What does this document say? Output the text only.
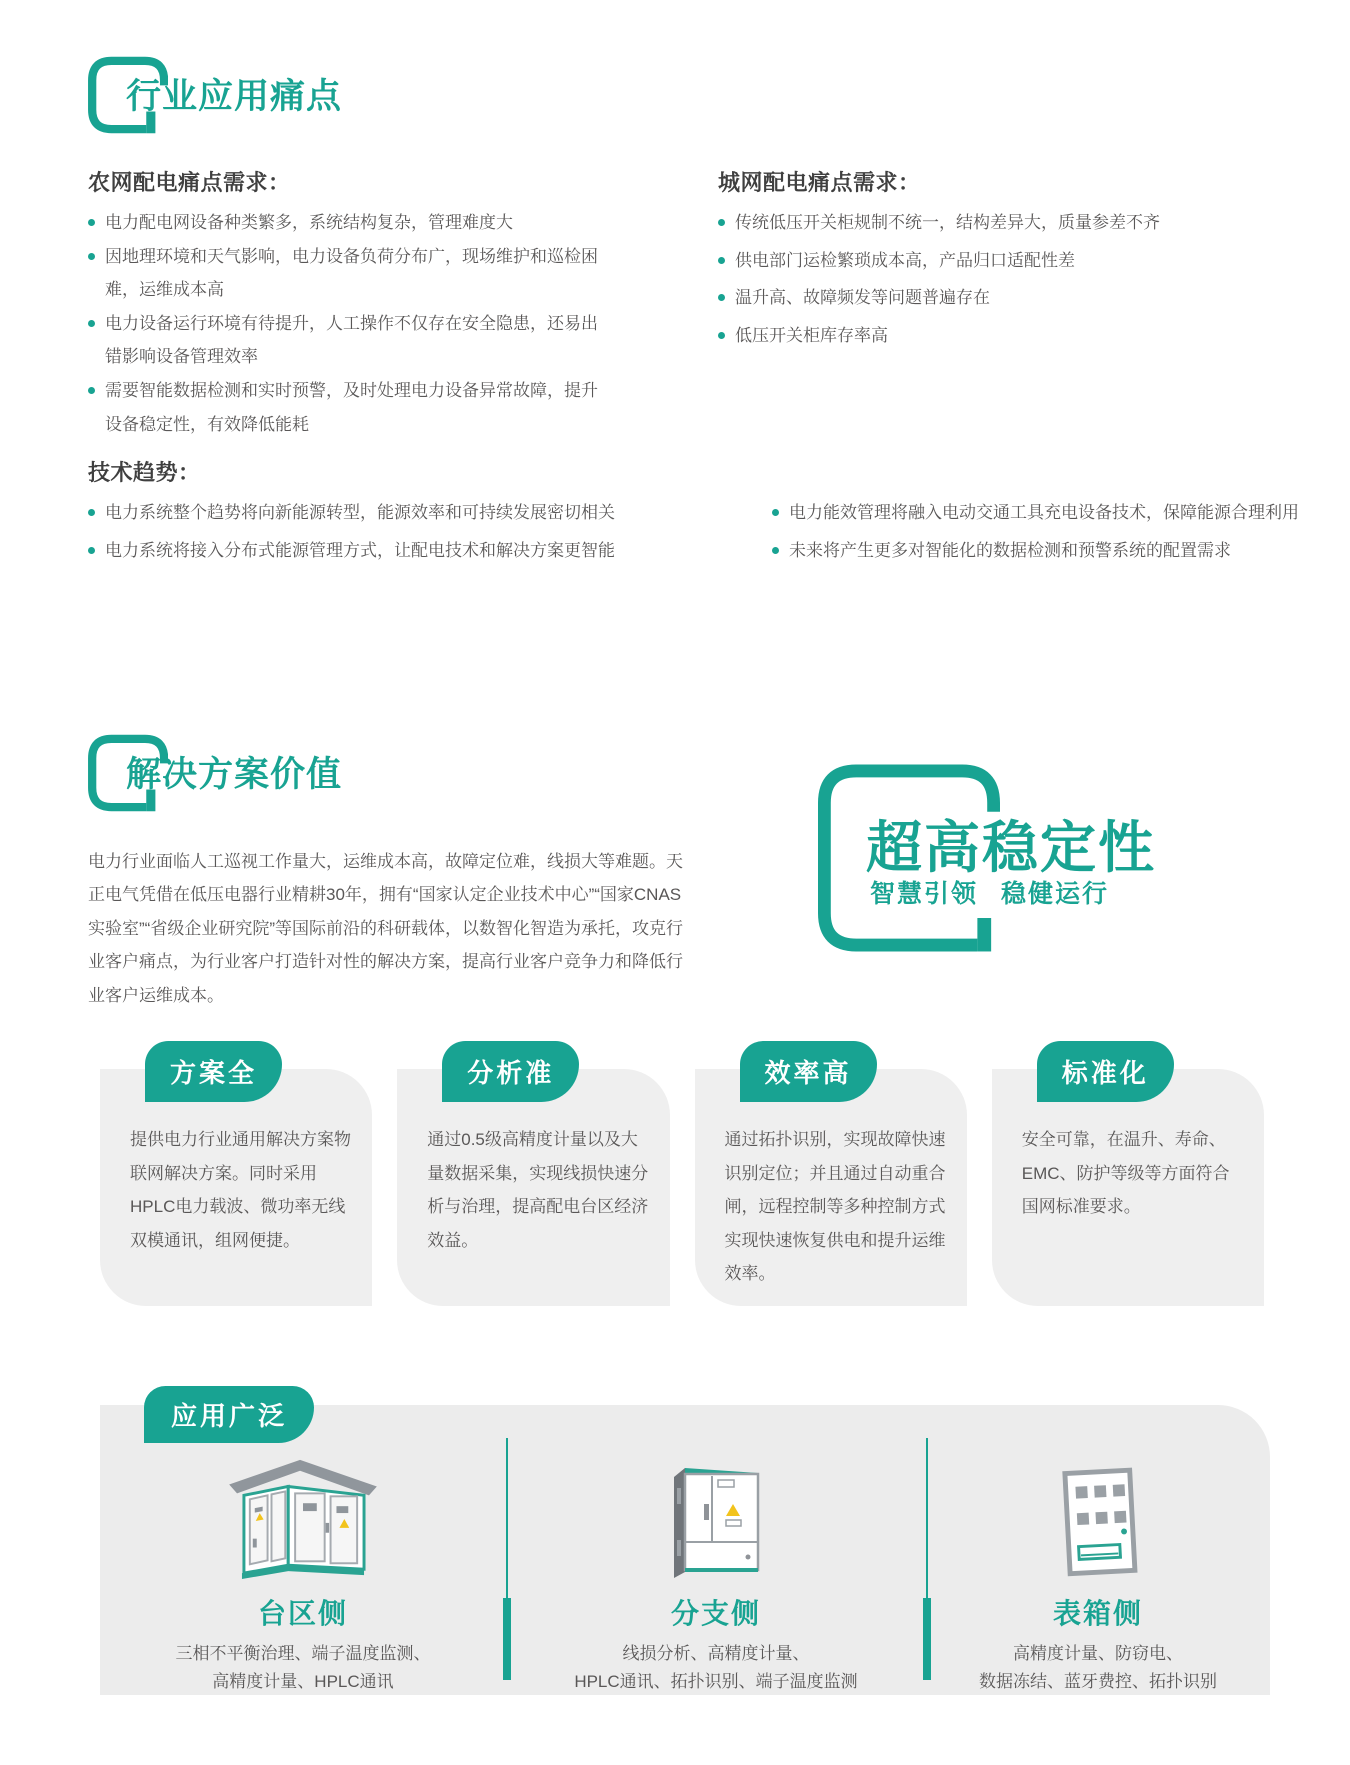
行业应用痛点
农网配电痛点需求：
电力配电网设备种类繁多，系统结构复杂，管理难度大
因地理环境和天气影响，电力设备负荷分布广，现场维护和巡检困难，运维成本高
电力设备运行环境有待提升，人工操作不仅存在安全隐患，还易出错影响设备管理效率
需要智能数据检测和实时预警，及时处理电力设备异常故障，提升设备稳定性，有效降低能耗
城网配电痛点需求：
传统低压开关柜规制不统一，结构差异大，质量参差不齐
供电部门运检繁琐成本高，产品归口适配性差
温升高、故障频发等问题普遍存在
低压开关柜库存率高
技术趋势：
电力系统整个趋势将向新能源转型，能源效率和可持续发展密切相关
电力系统将接入分布式能源管理方式，让配电技术和解决方案更智能
电力能效管理将融入电动交通工具充电设备技术，保障能源合理利用
未来将产生更多对智能化的数据检测和预警系统的配置需求
解决方案价值

电力行业面临人工巡视工作量大，运维成本高，故障定位难，线损大等难题。天正电气凭借在低压电器行业精耕30年，拥有“国家认定企业技术中心”“国家CNAS实验室”“省级企业研究院”等国际前沿的科研载体，以数智化智造为承托，攻克行业客户痛点，为行业客户打造针对性的解决方案，提高行业客户竞争力和降低行业客户运维成本。

超高稳定性
智慧引领 稳健运行
方案全
提供电力行业通用解决方案物联网解决方案。同时采用HPLC电力载波、微功率无线双模通讯，组网便捷。
分析准
通过0.5级高精度计量以及大量数据采集，实现线损快速分析与治理，提高配电台区经济效益。
效率高
通过拓扑识别，实现故障快速识别定位；并且通过自动重合闸，远程控制等多种控制方式实现快速恢复供电和提升运维效率。
标准化
安全可靠，在温升、寿命、EMC、防护等级等方面符合国网标准要求。
应用广泛
台区侧
三相不平衡治理、端子温度监测、
高精度计量、HPLC通讯
分支侧
线损分析、高精度计量、
HPLC通讯、拓扑识别、端子温度监测
表箱侧
高精度计量、防窃电、
数据冻结、蓝牙费控、拓扑识别
